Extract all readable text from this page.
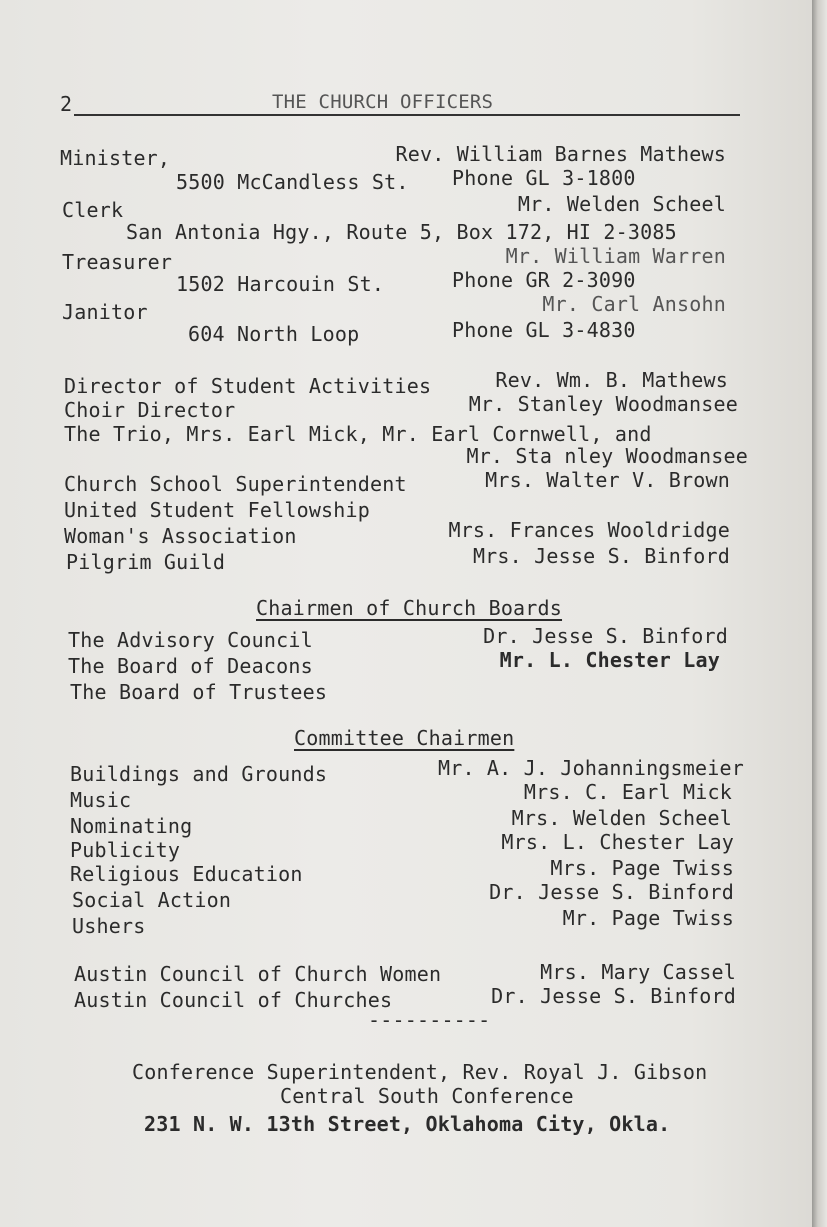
2	THE CHURCH OFFICERS
Minister,	Rev. William Barnes Mathews
5500 McCandless St. Phone GL 3-1800
Clerk	Mr. Welden Scheel
San Antonia Hgy., Route 5, Box 172, HI 2-3085
Treasurer	Mr. William Warren
1502 Harcouin St.	Phone GR 2-3090
Janitor	Mr. Carl Ansohn
604 North Loop	Phone GL 3-4830
Director of Student Activities	Rev. Wm. B. Mathews
Choir Director	Mr. Stanley Woodmansee
The Trio, Mrs. Earl Mick, Mr. Earl Cornwell, and
Mr. Sta nley Woodmansee
Church School Superintendent	Mrs. Walter V. Brown
United Student Fellowship
Woman's Association	Mrs. Frances Wooldridge
Pilgrim Guild	Mrs. Jesse S. Binford
Chairmen of Church Boards
The Advisory Council	Dr. Jesse S. Binford
The Board of Deacons	Mr. L. Chester Lay
The Board of Trustees
Committee Chairmen
Buildings and Grounds	Mr. A. J. Johanningsmeier
Music	Mrs. C. Earl Mick
Nominating	Mrs. Welden Scheel
Publicity	Mrs. L. Chester Lay
Religious Education	Mrs. Page Twiss
Social Action	Dr. Jesse S. Binford
Ushers	Mr. Page Twiss
Austin Council of Church Women	Mrs. Mary Cassel
Austin Council of Churches	Dr. Jesse S. Binford
----------
Conference Superintendent, Rev. Royal J. Gibson
Central South Conference
231 N. W. 13th Street, Oklahoma City, Okla.
